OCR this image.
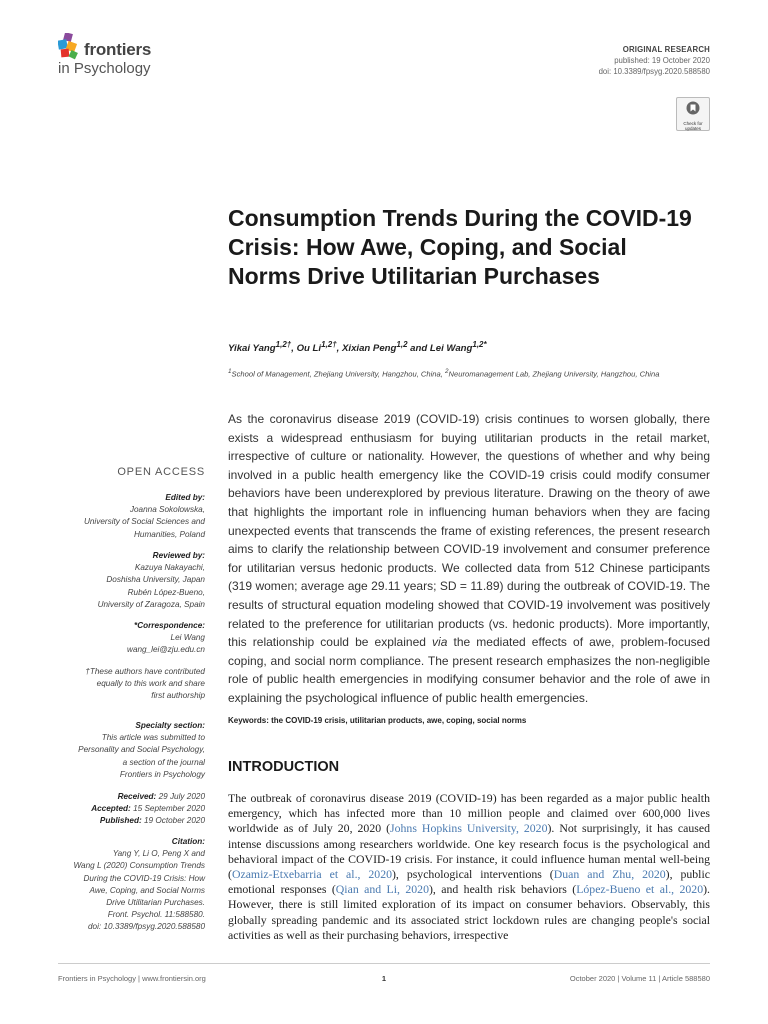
frontiers
in Psychology
ORIGINAL RESEARCH
published: 19 October 2020
doi: 10.3389/fpsyg.2020.588580
Check for updates
Consumption Trends During the COVID-19 Crisis: How Awe, Coping, and Social Norms Drive Utilitarian Purchases
Yikai Yang$^{1,2\dagger}$, Ou $Li^{1,2\dagger}$, Xixian Peng$^{1,2}$ and Lei Wang$^{1,2*}$
$^1$School of Management, Zhejiang University, Hangzhou, China, $^2$Neuromanagement Lab, Zhejiang University, Hangzhou, China
As the coronavirus disease 2019 (COVID-19) crisis continues to worsen globally, there exists a widespread enthusiasm for buying utilitarian products in the retail market, irrespective of culture or nationality. However, the questions of whether and why being involved in a public health emergency like the COVID-19 crisis could modify consumer behaviors have been underexplored by previous literature. Drawing on the theory of awe that highlights the important role in influencing human behaviors when they are facing unexpected events that transcends the frame of existing references, the present research aims to clarify the relationship between COVID-19 involvement and consumer preference for utilitarian versus hedonic products. We collected data from 512 Chinese participants (319 women; average age 29.11 years; SD = 11.89) during the outbreak of COVID-19. The results of structural equation modeling showed that COVID-19 involvement was positively related to the preference for utilitarian products (vs. hedonic products). More importantly, this relationship could be explained via the mediated effects of awe, problem-focused coping, and social norm compliance. The present research emphasizes the non-negligible role of public health emergencies in modifying consumer behavior and the role of awe in explaining the psychological influence of public health emergencies.
Keywords: the COVID-19 crisis, utilitarian products, awe, coping, social norms
OPEN ACCESS
Edited by:
Joanna Sokolowska,
University of Social Sciences and
Humanities, Poland
Reviewed by:
Kazuya Nakayachi,
Doshisha University, Japan
Rubén López-Bueno,
University of Zaragoza, Spain
*Correspondence:
Lei Wang
wang_lei@zju.edu.cn
†These authors have contributed
equally to this work and share
first authorship
Specialty section:
This article was submitted to
Personality and Social Psychology,
a section of the journal
Frontiers in Psychology
Received: 29 July 2020
Accepted: 15 September 2020
Published: 19 October 2020
Citation:
Yang Y, Li O, Peng X and
Wang L (2020) Consumption Trends
During the COVID-19 Crisis: How
Awe, Coping, and Social Norms
Drive Utilitarian Purchases.
Front. Psychol. 11:588580.
doi: 10.3389/fpsyg.2020.588580
INTRODUCTION
The outbreak of coronavirus disease 2019 (COVID-19) has been regarded as a major public health emergency, which has infected more than 10 million people and claimed over 600,000 lives worldwide as of July 20, 2020 (Johns Hopkins University, 2020). Not surprisingly, it has caused intense discussions among researchers worldwide. One key research focus is the psychological and behavioral impact of the COVID-19 crisis. For instance, it could influence human mental well-being (Ozamiz-Etxebarria et al., 2020), psychological interventions (Duan and Zhu, 2020), public emotional responses (Qian and Li, 2020), and health risk behaviors (López-Bueno et al., 2020). However, there is still limited exploration of its impact on consumer behaviors. Observably, this globally spreading pandemic and its associated strict lockdown rules are changing people's social activities as well as their purchasing behaviors, irrespective
Frontiers in Psychology | www.frontiersin.org	1	October 2020 | Volume 11 | Article 588580
